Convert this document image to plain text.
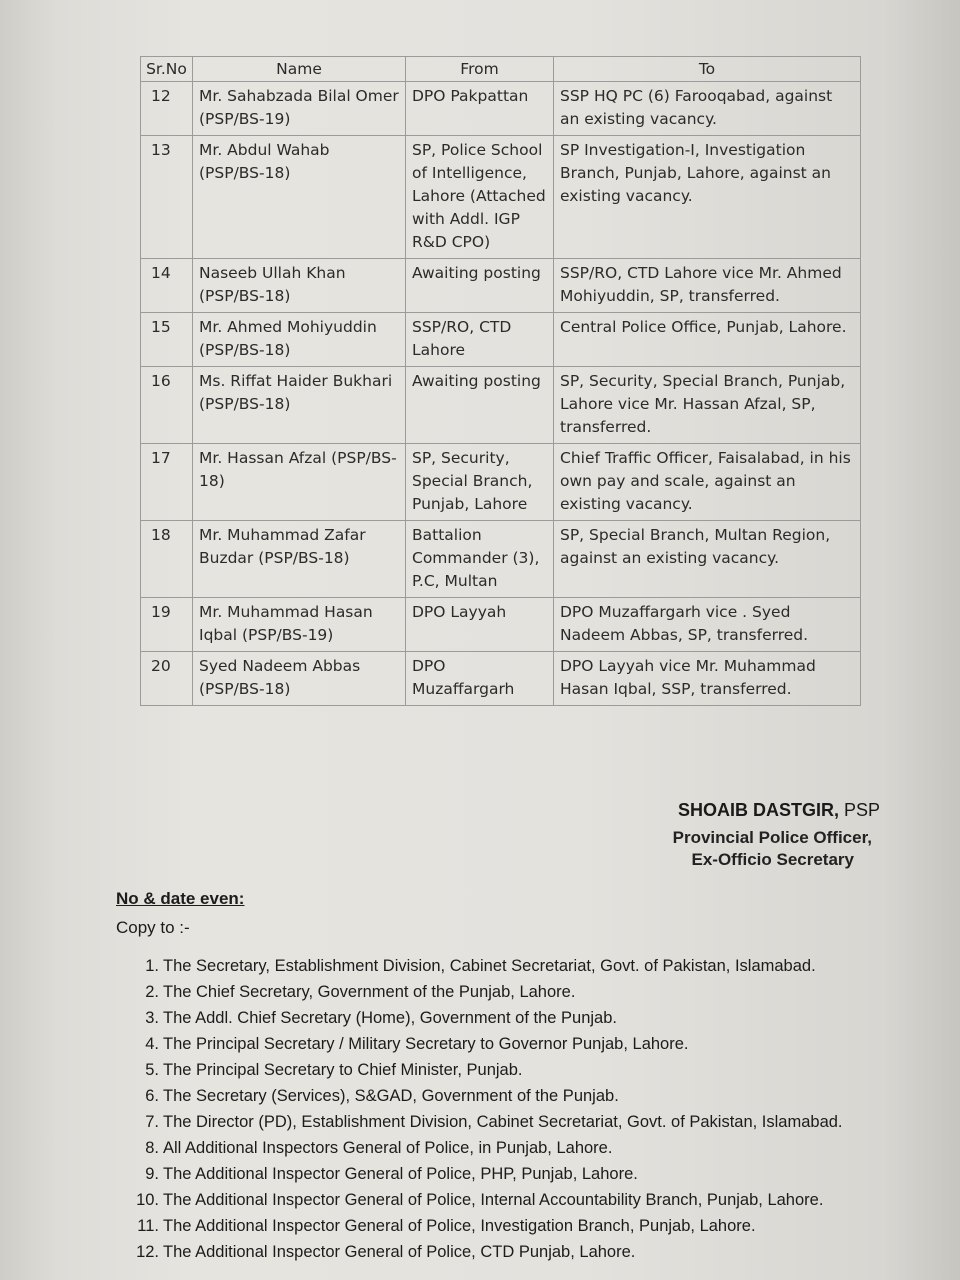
Sr.No	Name	From	To
12	Mr. Sahabzada Bilal Omer (PSP/BS-19)	DPO Pakpattan	SSP HQ PC (6) Farooqabad, against an existing vacancy.
13	Mr. Abdul Wahab (PSP/BS-18)	SP, Police School of Intelligence, Lahore (Attached with Addl. IGP R&D CPO)	SP Investigation-I, Investigation Branch, Punjab, Lahore, against an existing vacancy.
14	Naseeb Ullah Khan (PSP/BS-18)	Awaiting posting	SSP/RO, CTD Lahore vice Mr. Ahmed Mohiyuddin, SP, transferred.
15	Mr. Ahmed Mohiyuddin (PSP/BS-18)	SSP/RO, CTD Lahore	Central Police Office, Punjab, Lahore.
16	Ms. Riffat Haider Bukhari (PSP/BS-18)	Awaiting posting	SP, Security, Special Branch, Punjab, Lahore vice Mr. Hassan Afzal, SP, transferred.
17	Mr. Hassan Afzal (PSP/BS-18)	SP, Security, Special Branch, Punjab, Lahore	Chief Traffic Officer, Faisalabad, in his own pay and scale, against an existing vacancy.
18	Mr. Muhammad Zafar Buzdar (PSP/BS-18)	Battalion Commander (3), P.C, Multan	SP, Special Branch, Multan Region, against an existing vacancy.
19	Mr. Muhammad Hasan Iqbal (PSP/BS-19)	DPO Layyah	DPO Muzaffargarh vice . Syed Nadeem Abbas, SP, transferred.
20	Syed Nadeem Abbas (PSP/BS-18)	DPO Muzaffargarh	DPO Layyah vice Mr. Muhammad Hasan Iqbal, SSP, transferred.
SHOAIB DASTGIR, PSP
Provincial Police Officer,
Ex-Officio Secretary
No & date even:
Copy to :-
1. The Secretary, Establishment Division, Cabinet Secretariat, Govt. of Pakistan, Islamabad.
2. The Chief Secretary, Government of the Punjab, Lahore.
3. The Addl. Chief Secretary (Home), Government of the Punjab.
4. The Principal Secretary / Military Secretary to Governor Punjab, Lahore.
5. The Principal Secretary to Chief Minister, Punjab.
6. The Secretary (Services), S&GAD, Government of the Punjab.
7. The Director (PD), Establishment Division, Cabinet Secretariat, Govt. of Pakistan, Islamabad.
8. All Additional Inspectors General of Police, in Punjab, Lahore.
9. The Additional Inspector General of Police, PHP, Punjab, Lahore.
10. The Additional Inspector General of Police, Internal Accountability Branch, Punjab, Lahore.
11. The Additional Inspector General of Police, Investigation Branch, Punjab, Lahore.
12. The Additional Inspector General of Police, CTD Punjab, Lahore.
